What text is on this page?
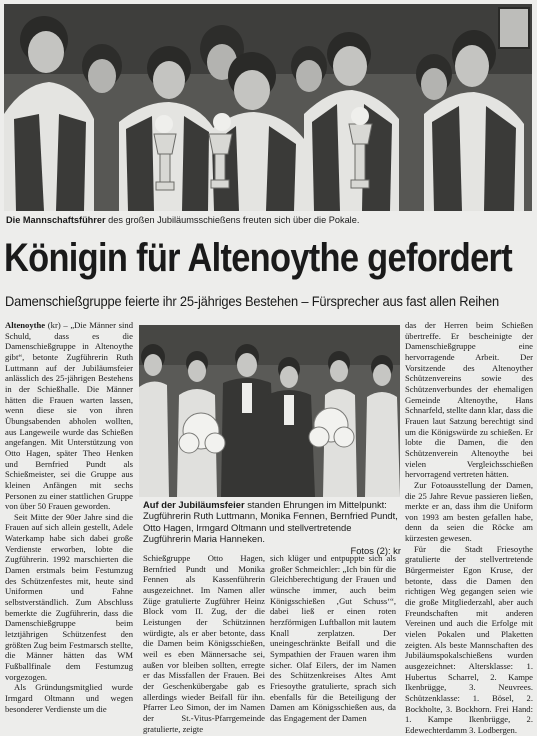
Die Mannschaftsführer des großen Jubiläumsschießens freuten sich über die Pokale.
Königin für Altenoythe gefordert
Damenschießgruppe feierte ihr 25-jähriges Bestehen – Fürsprecher aus fast allen Reihen

Altenoythe (kr) – „Die Männer sind Schuld, dass es die Damenschießgruppe in Altenoythe gibt“, betonte Zugführerin Ruth Luttmann auf der Jubiläumsfeier anlässlich des 25-jährigen Bestehens in der Schießhalle. Die Männer hätten die Frauen warten lassen, wenn diese sie von ihren Übungsabenden abholen wollten, aus Langeweile wurde das Schießen angefangen. Mit Unterstützung von Otto Hagen, später Theo Henken und Bernfried Pundt als Schießmeister, sei die Gruppe aus kleinen Anfängen mit sechs Personen zu einer stattlichen Gruppe von über 50 Frauen geworden.

Seit Mitte der 90er Jahre sind die Frauen auf sich allein gestellt, Adele Waterkamp habe sich dabei große Verdienste erworben, lobte die Zugführerin. 1992 marschierten die Damen erstmals beim Festumzug des Schützenfestes mit, heute sind Uniformen und Fahne selbstverständlich. Zum Abschluss bemerkte die Zugführerin, dass die Damenschießgruppe beim letztjährigen Schützenfest den größten Zug beim Festmarsch stellte, die Männer hätten das WM Fußballfinale dem Festumzug vorgezogen.

Als Gründungsmitglied wurde Irmgard Oltmann und wegen besonderer Verdienste um die

Auf der Jubiläumsfeier standen Ehrungen im Mittelpunkt: Zugführerin Ruth Luttmann, Monika Fennen, Bernfried Pundt, Otto Hagen, Irmgard Oltmann und stellvertretende Zugführerin Maria Hanneken.
Fotos (2): kr

Schießgruppe Otto Hagen, Bernfried Pundt und Monika Fennen als Kassenführerin ausgezeichnet. Im Namen aller Züge gratulierte Zugführer Heinz Block vom II. Zug, der die Leistungen der Schützinnen würdigte, als er aber betonte, dass die Damen beim Königsschießen, weil es eben Männersache sei, außen vor bleiben sollten, erregte er das Missfallen der Frauen. Bei der Geschenkübergabe gab es allerdings wieder Beifall für ihn. Pfarrer Leo Simon, der im Namen der St.-Vitus-Pfarrgemeinde gratulierte, zeigte

sich klüger und entpuppte sich als großer Schmeichler: „Ich bin für die Gleichberechtigung der Frauen und wünsche immer, auch beim Königsschießen ‚Gut Schuss‘“, dabei ließ er einen roten herzförmigen Luftballon mit lautem Knall zerplatzen. Der uneingeschränkte Beifall und die Sympathien der Frauen waren ihm sicher. Olaf Eilers, der im Namen des Schützenkreises Altes Amt Friesoythe gratulierte, sprach sich ebenfalls für die Beteiligung der Damen am Königsschießen aus, da das Engagement der Damen

das der Herren beim Schießen übertreffe. Er bescheinigte der Damenschießgruppe eine hervorragende Arbeit. Der Vorsitzende des Altenoyther Schützenvereins sowie des Schützenverbundes der ehemaligen Gemeinde Altenoythe, Hans Schnarfeld, stellte dann klar, dass die Frauen laut Satzung berechtigt sind um die Königswürde zu schießen. Er lobte die Damen, die den Schützenverein Altenoythe bei vielen Vergleichsschießen hervorragend vertreten hätten.

Zur Fotoausstellung der Damen, die 25 Jahre Revue passieren ließen, merkte er an, dass ihm die Uniform von 1993 am besten gefallen habe, denn da seien die Röcke am kürzesten gewesen.

Für die Stadt Friesoythe gratulierte der stellvertretende Bürgermeister Egon Kruse, der betonte, dass die Damen den richtigen Weg gegangen seien wie die große Mitgliederzahl, aber auch Freundschaften mit anderen Vereinen und auch die Erfolge mit vielen Pokalen und Plaketten zeigten. Als beste Mannschaften des Jubiläumspokalschießens wurden ausgezeichnet: Altersklasse: 1. Hubertus Scharrel, 2. Kampe Ikenbrügge, 3. Neuvrees. Schützenklasse: 1. Bösel, 2. Bockholte, 3. Bockhorn. Frei Hand: 1. Kampe Ikenbrügge, 2. Edewechterdamm 3. Lodbergen.
